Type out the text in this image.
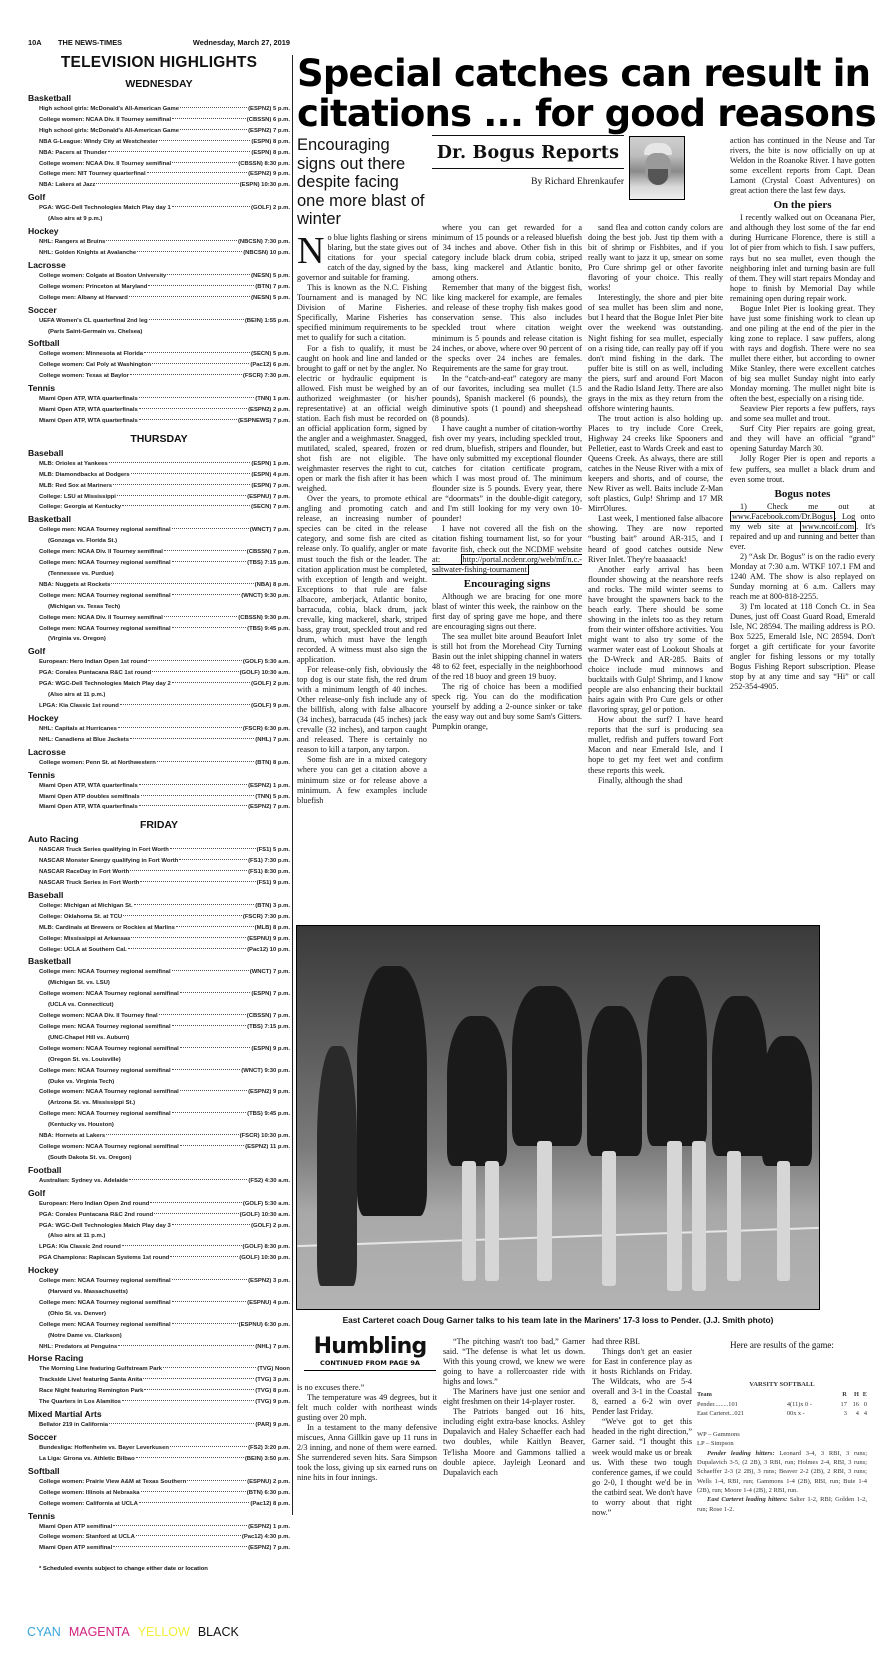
10A	THE NEWS-TIMES	Wednesday, March 27, 2019
TELEVISION HIGHLIGHTS
WEDNESDAY
Basketball
High school girls: McDonald's All-American Game	(ESPN2) 5 p.m.
College women: NCAA Div. II Tourney semifinal	(CBSSN) 6 p.m.
High school girls: McDonald's All-American Game	(ESPN2) 7 p.m.
NBA G-League: Windy City at Westchester	(ESPN) 8 p.m.
NBA: Pacers at Thunder	(ESPN) 8 p.m.
College women: NCAA Div. II Tourney semifinal	(CBSSN) 8:30 p.m.
College men: NIT Tourney quarterfinal	(ESPN2) 9 p.m.
NBA: Lakers at Jazz	(ESPN) 10:30 p.m.
Golf
PGA: WGC-Dell Technologies Match Play day 1	(GOLF) 2 p.m.
(Also airs at 9 p.m.)
Hockey
NHL: Rangers at Bruins	(NBCSN) 7:30 p.m.
NHL: Golden Knights at Avalanche	(NBCSN) 10 p.m.
Lacrosse
College women: Colgate at Boston University	(NESN) 5 p.m.
College women: Princeton at Maryland	(BTN) 7 p.m.
College men: Albany at Harvard	(NESN) 5 p.m.
Soccer
UEFA Women's CL quarterfinal 2nd leg	(BEIN) 1:55 p.m.
(Paris Saint-Germain vs. Chelsea)
Softball
College women: Minnesota at Florida	(SECN) 5 p.m.
College women: Cal Poly at Washington	(Pac12) 6 p.m.
College women: Texas at Baylor	(FSCR) 7:30 p.m.
Tennis
Miami Open ATP, WTA quarterfinals	(TNN) 1 p.m.
Miami Open ATP, WTA quarterfinals	(ESPN2) 2 p.m.
Miami Open ATP, WTA quarterfinals	(ESPNEWS) 7 p.m.
THURSDAY
Baseball
MLB: Orioles at Yankees	(ESPN) 1 p.m.
MLB: Diamondbacks at Dodgers	(ESPN) 4 p.m.
MLB: Red Sox at Mariners	(ESPN) 7 p.m.
College: LSU at Mississippi	(ESPNU) 7 p.m.
College: Georgia at Kentucky	(SECN) 7 p.m.
Basketball
College men: NCAA Tourney regional semifinal	(WNCT) 7 p.m.
(Gonzaga vs. Florida St.)
College men: NCAA Div. II Tourney semifinal	(CBSSN) 7 p.m.
College men: NCAA Tourney regional semifinal	(TBS) 7:15 p.m.
(Tennessee vs. Purdue)
NBA: Nuggets at Rockets	(NBA) 8 p.m.
College men: NCAA Tourney regional semifinal	(WNCT) 9:30 p.m.
(Michigan vs. Texas Tech)
College men: NCAA Div. II Tourney semifinal	(CBSSN) 9:30 p.m.
College men: NCAA Tourney regional semifinal	(TBS) 9:45 p.m.
(Virginia vs. Oregon)
Golf
European: Hero Indian Open 1st round	(GOLF) 5:30 a.m.
PGA: Corales Puntacana R&C 1st round	(GOLF) 10:30 a.m.
PGA: WGC-Dell Technologies Match Play day 2	(GOLF) 2 p.m.
(Also airs at 11 p.m.)
LPGA: Kia Classic 1st round	(GOLF) 9 p.m.
Hockey
NHL: Capitals at Hurricanes	(FSCR) 6:30 p.m.
NHL: Canadiens at Blue Jackets	(NHL) 7 p.m.
Lacrosse
College women: Penn St. at Northwestern	(BTN) 8 p.m.
Tennis
Miami Open ATP, WTA quarterfinals	(ESPN2) 1 p.m.
Miami Open ATP doubles semifinals	(TNN) 5 p.m.
Miami Open ATP, WTA quarterfinals	(ESPN2) 7 p.m.
FRIDAY
Auto Racing
NASCAR Truck Series qualifying in Fort Worth	(FS1) 5 p.m.
NASCAR Monster Energy qualifying in Fort Worth	(FS1) 7:30 p.m.
NASCAR RaceDay in Fort Worth	(FS1) 8:30 p.m.
NASCAR Truck Series in Fort Worth	(FS1) 9 p.m.
Baseball
College: Michigan at Michigan St.	(BTN) 3 p.m.
College: Oklahoma St. at TCU	(FSCR) 7:30 p.m.
MLB: Cardinals at Brewers or Rockies at Marlins	(MLB) 8 p.m.
College: Mississippi at Arkansas	(ESPNU) 9 p.m.
College: UCLA at Southern Cal.	(Pac12) 10 p.m.
Basketball
College men: NCAA Tourney regional semifinal	(WNCT) 7 p.m.
(Michigan St. vs. LSU)
College women: NCAA Tourney regional semifinal	(ESPN) 7 p.m.
(UCLA vs. Connecticut)
College women: NCAA Div. II Tourney final	(CBSSN) 7 p.m.
College men: NCAA Tourney regional semifinal	(TBS) 7:15 p.m.
(UNC-Chapel Hill vs. Auburn)
College women: NCAA Tourney regional semifinal	(ESPN) 9 p.m.
(Oregon St. vs. Louisville)
College men: NCAA Tourney regional semifinal	(WNCT) 9:30 p.m.
(Duke vs. Virginia Tech)
College women: NCAA Tourney regional semifinal	(ESPN2) 9 p.m.
(Arizona St. vs. Mississippi St.)
College men: NCAA Tourney regional semifinal	(TBS) 9:45 p.m.
(Kentucky vs. Houston)
NBA: Hornets at Lakers	(FSCR) 10:30 p.m.
College women: NCAA Tourney regional semifinal	(ESPN2) 11 p.m.
(South Dakota St. vs. Oregon)
Football
Australian: Sydney vs. Adelaide	(FS2) 4:30 a.m.
Golf
European: Hero Indian Open 2nd round	(GOLF) 5:30 a.m.
PGA: Corales Puntacana R&C 2nd round	(GOLF) 10:30 a.m.
PGA: WGC-Dell Technologies Match Play day 3	(GOLF) 2 p.m.
(Also airs at 11 p.m.)
LPGA: Kia Classic 2nd round	(GOLF) 8:30 p.m.
PGA Champions: Rapiscan Systems 1st round	(GOLF) 10:30 p.m.
Hockey
College men: NCAA Tourney regional semifinal	(ESPN2) 3 p.m.
(Harvard vs. Massachusetts)
College men: NCAA Tourney regional semifinal	(ESPNU) 4 p.m.
(Ohio St. vs. Denver)
College men: NCAA Tourney regional semifinal	(ESPNU) 6:30 p.m.
(Notre Dame vs. Clarkson)
NHL: Predators at Penguins	(NHL) 7 p.m.
Horse Racing
The Morning Line featuring Gulfstream Park	(TVG) Noon
Trackside Live! featuring Santa Anita	(TVG) 3 p.m.
Race Night featuring Remington Park	(TVG) 8 p.m.
The Quarters in Los Alamitos	(TVG) 9 p.m.
Mixed Martial Arts
Bellator 219 in California	(PAR) 9 p.m.
Soccer
Bundesliga: Hoffenheim vs. Bayer Leverkusen	(FS2) 3:20 p.m.
La Liga: Girona vs. Athletic Bilbao	(BEIN) 3:50 p.m.
Softball
College women: Prairie View A&M at Texas Southern	(ESPNU) 2 p.m.
College women: Illinois at Nebraska	(BTN) 6:30 p.m.
College women: California at UCLA	(Pac12) 8 p.m.
Tennis
Miami Open ATP semifinal	(ESPN2) 1 p.m.
College women: Stanford at UCLA	(Pac12) 4:30 p.m.
Miami Open ATP semifinal	(ESPN2) 7 p.m.
* Scheduled events subject to change either date or location
CYAN MAGENTA YELLOW BLACK
Special catches can result in citations ... for good reasons
Encouraging signs out there despite facing one more blast of winter
Dr. Bogus Reports
By Richard Ehrenkaufer

No blue lights flashing or sirens blaring, but the state gives out citations for your special catch of the day, signed by the governor and suitable for framing.

This is known as the N.C. Fishing Tournament and is managed by NC Division of Marine Fisheries. Specifically, Marine Fisheries has specified minimum requirements to be met to qualify for such a citation.

For a fish to qualify, it must be caught on hook and line and landed or brought to gaff or net by the angler. No electric or hydraulic equipment is allowed. Fish must be weighed by an authorized weighmaster (or his/her representative) at an official weigh station. Each fish must be recorded on an official application form, signed by the angler and a weighmaster. Snagged, mutilated, scaled, speared, frozen or shot fish are not eligible. The weighmaster reserves the right to cut, open or mark the fish after it has been weighed.

Over the years, to promote ethical angling and promoting catch and release, an increasing number of species can be cited in the release category, and some fish are cited as release only. To qualify, angler or mate must touch the fish or the leader. The citation application must be completed, with exception of length and weight. Exceptions to that rule are false albacore, amberjack, Atlantic bonito, barracuda, cobia, black drum, jack crevalle, king mackerel, shark, striped bass, gray trout, speckled trout and red drum, which must have the length recorded. A witness must also sign the application.

For release-only fish, obviously the top dog is our state fish, the red drum with a minimum length of 40 inches. Other release-only fish include any of the billfish, along with false albacore (34 inches), barracuda (45 inches) jack crevalle (32 inches), and tarpon caught and released. There is certainly no reason to kill a tarpon, any tarpon.

Some fish are in a mixed category where you can get a citation above a minimum size or for release above a minimum. A few examples include bluefish

where you can get rewarded for a minimum of 15 pounds or a released bluefish of 34 inches and above. Other fish in this category include black drum cobia, striped bass, king mackerel and Atlantic bonito, among others.

Remember that many of the biggest fish, like king mackerel for example, are females and release of these trophy fish makes good conservation sense. This also includes speckled trout where citation weight minimum is 5 pounds and release citation is 24 inches, or above, where over 90 percent of the specks over 24 inches are females. Requirements are the same for gray trout.

In the “catch-and-eat” category are many of our favorites, including sea mullet (1.5 pounds), Spanish mackerel (6 pounds), the diminutive spots (1 pound) and sheepshead (8 pounds).

I have caught a number of citation-worthy fish over my years, including speckled trout, red drum, bluefish, stripers and flounder, but have only submitted my exceptional flounder catches for citation certificate program, which I was most proud of. The minimum flounder size is 5 pounds. Every year, there are “doormats” in the double-digit category, and I'm still looking for my very own 10-pounder!

I have not covered all the fish on the citation fishing tournament list, so for your favorite fish, check out the NCDMF website at:	http://portal.ncdenr.org/web/mf/n.c.-saltwater-fishing-tournament

Encouraging signs

Although we are bracing for one more blast of winter this week, the rainbow on the first day of spring gave me hope, and there are encouraging signs out there.

The sea mullet bite around Beaufort Inlet is still hot from the Morehead City Turning Basin out the inlet shipping channel in waters 48 to 62 feet, especially in the neighborhood of the red 18 buoy and green 19 buoy.

The rig of choice has been a modified speck rig. You can do the modification yourself by adding a 2-ounce sinker or take the easy way out and buy some Sam's Gitters. Pumpkin orange,

sand flea and cotton candy colors are doing the best job. Just tip them with a bit of shrimp or Fishbites, and if you really want to jazz it up, smear on some Pro Cure shrimp gel or other favorite flavoring of your choice. This really works!

Interestingly, the shore and pier bite of sea mullet has been slim and none, but I heard that the Bogue Inlet Pier bite over the weekend was outstanding. Night fishing for sea mullet, especially on a rising tide, can really pay off if you don't mind fishing in the dark. The puffer bite is still on as well, including the piers, surf and around Fort Macon and the Radio Island Jetty. There are also grays in the mix as they return from the offshore wintering haunts.

The trout action is also holding up. Places to try include Core Creek, Highway 24 creeks like Spooners and Pelletier, east to Wards Creek and east to Queens Creek. As always, there are still catches in the Neuse River with a mix of keepers and shorts, and of course, the New River as well. Baits include Z-Man soft plastics, Gulp! Shrimp and 17 MR MirrOlures.

Last week, I mentioned false albacore showing. They are now reported “busting bait” around AR-315, and I heard of good catches outside New River Inlet. They're baaaaack!

Another early arrival has been flounder showing at the nearshore reefs and rocks. The mild winter seems to have brought the spawners back to the beach early. There should be some showing in the inlets too as they return from their winter offshore activities. You might want to also try some of the warmer water east of Lookout Shoals at the D-Wreck and AR-285. Baits of choice include mud minnows and bucktails with Gulp! Shrimp, and I know people are also enhancing their bucktail hairs again with Pro Cure gels or other flavoring spray, gel or potion.

How about the surf? I have heard reports that the surf is producing sea mullet, redfish and puffers toward Fort Macon and near Emerald Isle, and I hope to get my feet wet and confirm these reports this week.

Finally, although the shad

action has continued in the Neuse and Tar rivers, the bite is now officially on up at Weldon in the Roanoke River. I have gotten some excellent reports from Capt. Dean Lamont (Crystal Coast Adventures) on great action there the last few days.

On the piers

I recently walked out on Oceanana Pier, and although they lost some of the far end during Hurricane Florence, there is still a lot of pier from which to fish. I saw puffers, rays but no sea mullet, even though the neighboring inlet and turning basin are full of them. They will start repairs Monday and hope to finish by Memorial Day while remaining open during repair work.

Bogue Inlet Pier is looking great. They have just some finishing work to clean up and one piling at the end of the pier in the king zone to replace. I saw puffers, along with rays and dogfish. There were no sea mullet there either, but according to owner Mike Stanley, there were excellent catches of big sea mullet Sunday night into early Monday morning. The mullet night bite is often the best, especially on a rising tide.

Seaview Pier reports a few puffers, rays and some sea mullet and trout.

Surf City Pier repairs are going great, and they will have an official “grand” opening Saturday March 30.

Jolly Roger Pier is open and reports a few puffers, sea mullet a black drum and even some trout.

Bogus notes

1) Check me out at www.Facebook.com/Dr.Bogus . Log onto my web site at www.ncoif.com . It's repaired and up and running and better than ever.

2) “Ask Dr. Bogus” is on the radio every Monday at 7:30 a.m. WTKF 107.1 FM and 1240 AM. The show is also replayed on Sunday morning at 6 a.m. Callers may reach me at 800-818-2255.

3) I'm located at 118 Conch Ct. in Sea Dunes, just off Coast Guard Road, Emerald Isle, NC 28594. The mailing address is P.O. Box 5225, Emerald Isle, NC 28594. Don't forget a gift certificate for your favorite angler for fishing lessons or my totally Bogus Fishing Report subscription. Please stop by at any time and say “Hi” or call 252-354-4905.

East Carteret coach Doug Garner talks to his team late in the Mariners' 17-3 loss to Pender. (J.J. Smith photo)
Humbling
CONTINUED FROM PAGE 9A

is no excuses there.”

The temperature was 49 degrees, but it felt much colder with northeast winds gusting over 20 mph.

In a testament to the many defensive miscues, Anna Gillkin gave up 11 runs in 2/3 inning, and none of them were earned. She surrendered seven hits. Sara Simpson took the loss, giving up six earned runs on nine hits in four innings.

“The pitching wasn't too bad,” Garner said. “The defense is what let us down. With this young crowd, we knew we were going to have a rollercoaster ride with highs and lows.”

The Mariners have just one senior and eight freshmen on their 14-player roster.

The Patriots banged out 16 hits, including eight extra-base knocks. Ashley Dupalavich and Haley Schaeffer each had two doubles, while Kaitlyn Beaver, Te'lisha Moore and Gammons tallied a double apiece. Jayleigh Leonard and Dupalavich each

had three RBI.

Things don't get an easier for East in conference play as it hosts Richlands on Friday. The Wildcats, who are 5-4 overall and 3-1 in the Coastal 8, earned a 6-2 win over Pender last Friday.

“We've got to get this headed in the right direction,” Garner said. “I thought this week would make us or break us. With these two tough conference games, if we could go 2-0, I thought we'd be in the catbird seat. We don't have to worry about that right now.”

Here are results of the game:
VARSITY SOFTBALL
Team		R	H	E
Pender.........101	4(11)x 0 -	17	16	0
East Carteret...021	00x x -	3	4	4
WP – Gammons
LP – Simpson
Pender leading hitters: Leonard 3-4, 3 RBI, 3 runs; Dupalavich 3-5, (2 2B), 3 RBI, run; Holmes 2-4, RBI, 3 runs; Schaeffer 2-3 (2 2B), 3 runs; Beaver 2-2 (2B), 2 RBI, 3 runs; Wells 1-4, RBI, run; Gammons 1-4 (2B), RBI, run; Buie 1-4 (2B), run; Moore 1-4 (2B), 2 RBI, run.
East Carteret leading hitters: Salter 1-2, RBI; Golden 1-2, run; Rose 1-2.
